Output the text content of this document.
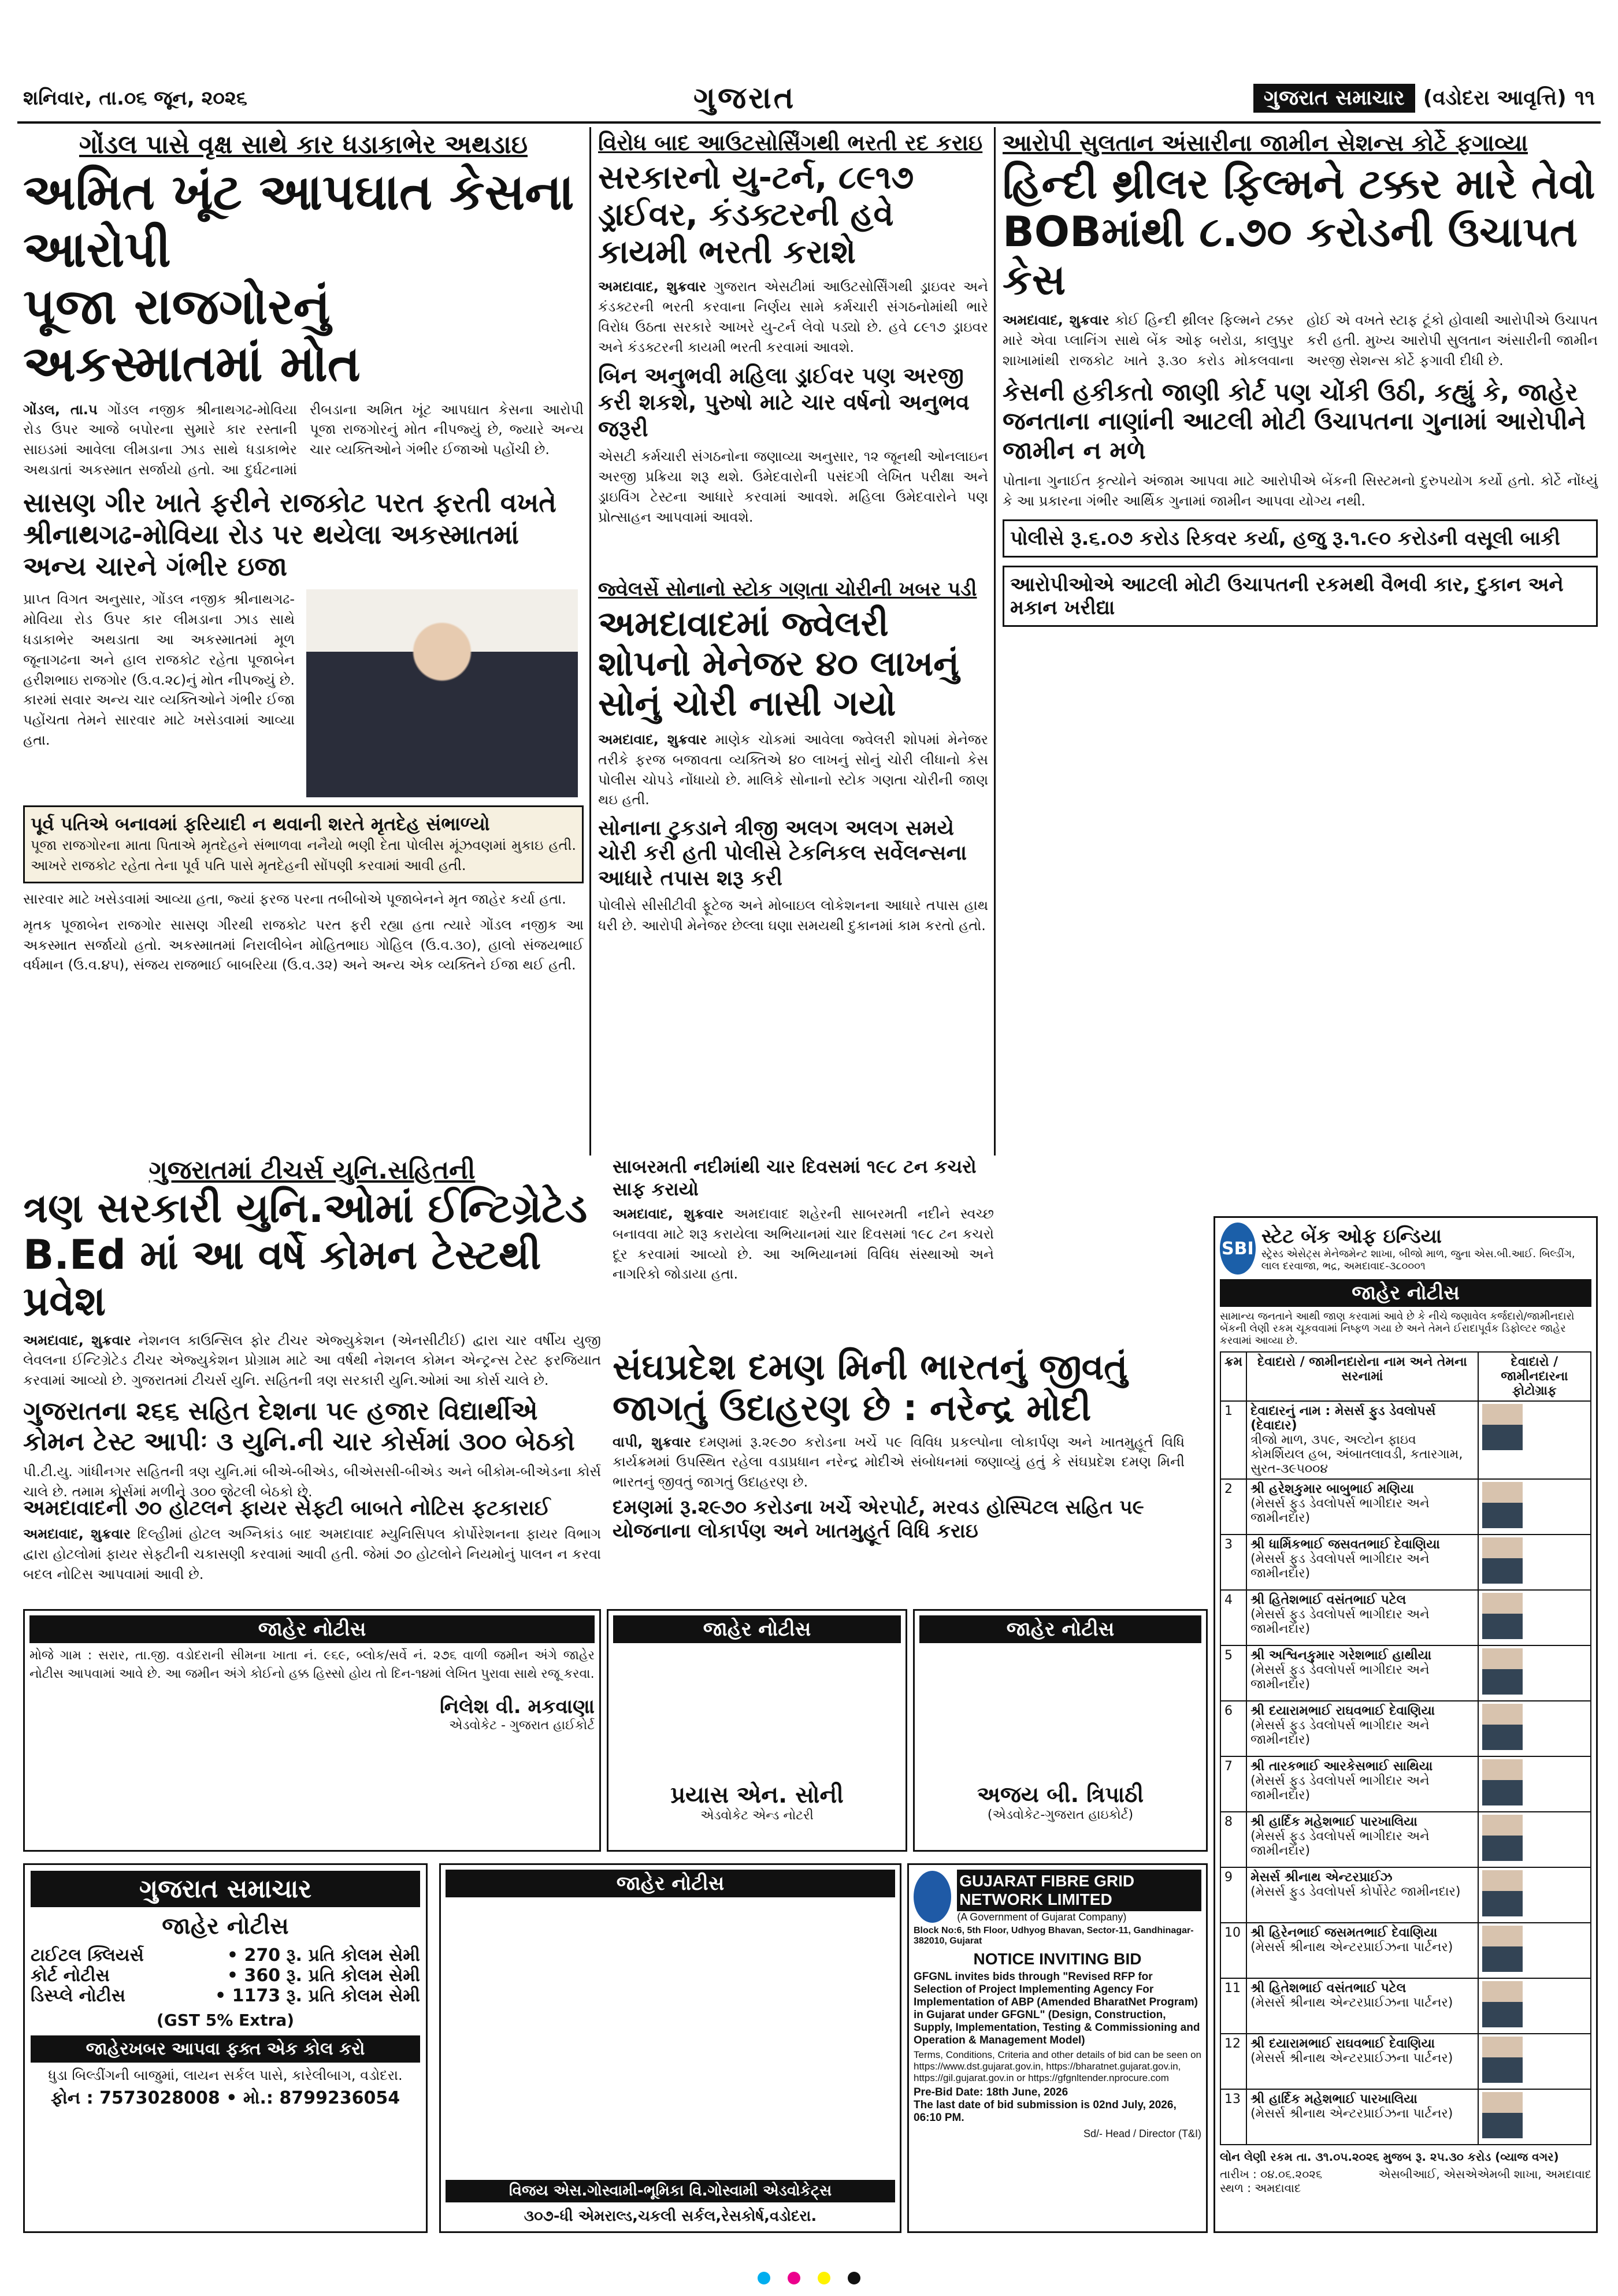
શનિવાર, તા.૦૬ જૂન, ૨૦૨૬	ગુજરાત	ગુજરાત સમાચાર (વડોદરા આવૃત્તિ) ૧૧
ગોંડલ પાસે વૃક્ષ સાથે કાર ધડાકાભેર અથડાઇ
અમિત ખૂંટ આપઘાત કેસના આરોપી
પૂજા રાજગોરનું અકસ્માતમાં મોત
ગોંડલ, તા.૫ ગોંડલ નજીક શ્રીનાથગઢ-મોવિયા રોડ ઉપર આજે બપોરના સુમારે કાર રસ્તાની સાઇડમાં આવેલા લીમડાના ઝાડ સાથે ધડાકાભેર અથડાતાં અકસ્માત સર્જાયો હતો. આ દુર્ઘટનામાં રીબડાના અમિત ખૂંટ આપઘાત કેસના આરોપી પૂજા રાજગોરનું મોત નીપજ્યું છે, જ્યારે અન્ય ચાર વ્યક્તિઓને ગંભીર ઈજાઓ પહોંચી છે.
સાસણ ગીર ખાતે ફરીને રાજકોટ પરત ફરતી વખતે શ્રીનાથગઢ-મોવિયા રોડ પર થયેલા અકસ્માતમાં અન્ય ચારને ગંભીર ઇજા
પ્રાપ્ત વિગત અનુસાર, ગોંડલ નજીક શ્રીનાથગઢ-મોવિયા રોડ ઉપર કાર લીમડાના ઝાડ સાથે ધડાકાભેર અથડાતા આ અકસ્માતમાં મૂળ જૂનાગઢના અને હાલ રાજકોટ રહેતા પૂજાબેન હરીશભાઇ રાજગોર (ઉ.વ.૨૮)નું મોત નીપજ્યું છે. કારમાં સવાર અન્ય ચાર વ્યક્તિઓને ગંભીર ઈજા પહોંચતા તેમને સારવાર માટે ખસેડવામાં આવ્યા હતા.
પૂર્વ પતિએ બનાવમાં ફરિયાદી ન થવાની શરતે મૃતદેહ સંભાળ્યો
પૂજા રાજગોરના માતા પિતાએ મૃતદેહને સંભાળવા નનૈયો ભણી દેતા પોલીસ મૂંઝવણમાં મુકાઇ હતી. આખરે રાજકોટ રહેતા તેના પૂર્વ પતિ પાસે મૃતદેહની સોંપણી કરવામાં આવી હતી.
સારવાર માટે ખસેડવામાં આવ્યા હતા, જ્યાં ફરજ પરના તબીબોએ પૂજાબેનને મૃત જાહેર કર્યા હતા.
મૃતક પૂજાબેન રાજગોર સાસણ ગીરથી રાજકોટ પરત ફરી રહ્યા હતા ત્યારે ગોંડલ નજીક આ અકસ્માત સર્જાયો હતો. અકસ્માતમાં નિરાલીબેન મોહિતભાઇ ગોહિલ (ઉ.વ.૩૦), હાલો સંજયભાઈ વર્ધમાન (ઉ.વ.૪૫), સંજય રાજભાઈ બાબરિયા (ઉ.વ.૩૨) અને અન્ય એક વ્યક્તિને ઈજા થઈ હતી.
વિરોધ બાદ આઉટસોર્સિંગથી ભરતી રદ કરાઇ
સરકારનો યુ-ટર્ન, ૮૯૧૭ ડ્રાઈવર, કંડક્ટરની હવે કાયમી ભરતી કરાશે
અમદાવાદ, શુક્રવાર ગુજરાત એસટીમાં આઉટસોર્સિંગથી ડ્રાઇવર અને કંડક્ટરની ભરતી કરવાના નિર્ણય સામે કર્મચારી સંગઠનોમાંથી ભારે વિરોધ ઉઠતા સરકારે આખરે યુ-ટર્ન લેવો પડ્યો છે. હવે ૮૯૧૭ ડ્રાઇવર અને કંડક્ટરની કાયમી ભરતી કરવામાં આવશે.
બિન અનુભવી મહિલા ડ્રાઈવર પણ અરજી કરી શકશે, પુરુષો માટે ચાર વર્ષનો અનુભવ જરૂરી
એસટી કર્મચારી સંગઠનોના જણાવ્યા અનુસાર, ૧૨ જૂનથી ઓનલાઇન અરજી પ્રક્રિયા શરૂ થશે. ઉમેદવારોની પસંદગી લેખિત પરીક્ષા અને ડ્રાઇવિંગ ટેસ્ટના આધારે કરવામાં આવશે. મહિલા ઉમેદવારોને પણ પ્રોત્સાહન આપવામાં આવશે.
જ્વેલર્સે સોનાનો સ્ટોક ગણતા ચોરીની ખબર પડી
અમદાવાદમાં જ્વેલરી શોપનો મેનેજર ૪૦ લાખનું સોનું ચોરી નાસી ગયો
અમદાવાદ, શુક્રવાર માણેક ચોકમાં આવેલા જ્વેલરી શોપમાં મેનેજર તરીકે ફરજ બજાવતા વ્યક્તિએ ૪૦ લાખનું સોનું ચોરી લીધાનો કેસ પોલીસ ચોપડે નોંધાયો છે. માલિકે સોનાનો સ્ટોક ગણતા ચોરીની જાણ થઇ હતી.
સોનાના ટુકડાને ત્રીજી અલગ અલગ સમયે ચોરી કરી હતી પોલીસે ટેકનિકલ સર્વેલન્સના આધારે તપાસ શરૂ કરી
પોલીસે સીસીટીવી ફૂટેજ અને મોબાઇલ લોકેશનના આધારે તપાસ હાથ ધરી છે. આરોપી મેનેજર છેલ્લા ઘણા સમયથી દુકાનમાં કામ કરતો હતો.
આરોપી સુલતાન અંસારીના જામીન સેશન્સ કોર્ટે ફગાવ્યા
હિન્દી થ્રીલર ફિલ્મને ટક્કર મારે તેવો
BOBમાંથી ૮.૭૦ કરોડની ઉચાપત કેસ
અમદાવાદ, શુક્રવાર કોઈ હિન્દી થ્રીલર ફિલ્મને ટક્કર મારે એવા પ્લાનિંગ સાથે બેંક ઓફ બરોડા, કાલુપુર શાખામાંથી રાજકોટ ખાતે રૂ.૩૦ કરોડ મોકલવાના હોઈ એ વખતે સ્ટાફ ટૂંકો હોવાથી આરોપીએ ઉચાપત કરી હતી. મુખ્ય આરોપી સુલતાન અંસારીની જામીન અરજી સેશન્સ કોર્ટે ફગાવી દીધી છે.
કેસની હકીકતો જાણી કોર્ટ પણ ચોંકી ઉઠી, કહ્યું કે, જાહેર જનતાના નાણાંની આટલી મોટી ઉચાપતના ગુનામાં આરોપીને જામીન ન મળે
પોતાના ગુનાઈત કૃત્યોને અંજામ આપવા માટે આરોપીએ બેંકની સિસ્ટમનો દુરુપયોગ કર્યો હતો. કોર્ટે નોંધ્યું કે આ પ્રકારના ગંભીર આર્થિક ગુનામાં જામીન આપવા યોગ્ય નથી.
પોલીસે રૂ.૬.૦૭ કરોડ રિકવર કર્યા, હજુ રૂ.૧.૯૦ કરોડની વસૂલી બાકી
આરોપીઓએ આટલી મોટી ઉચાપતની રકમથી વૈભવી કાર, દુકાન અને મકાન ખરીદ્યા
ગુજરાતમાં ટીચર્સ યુનિ.સહિતની
ત્રણ સરકારી યુનિ.ઓમાં ઈન્ટિગ્રેટેડ
B.Ed માં આ વર્ષે કોમન ટેસ્ટથી પ્રવેશ
અમદાવાદ, શુક્રવાર નેશનલ કાઉન્સિલ ફોર ટીચર એજ્યુકેશન (એનસીટીઈ) દ્વારા ચાર વર્ષીય યુજી લેવલના ઈન્ટિગ્રેટેડ ટીચર એજ્યુકેશન પ્રોગ્રામ માટે આ વર્ષથી નેશનલ કોમન એન્ટ્રન્સ ટેસ્ટ ફરજિયાત કરવામાં આવ્યો છે. ગુજરાતમાં ટીચર્સ યુનિ. સહિતની ત્રણ સરકારી યુનિ.ઓમાં આ કોર્સ ચાલે છે.
ગુજરાતના ૨૬૬ સહિત દેશના ૫૯ હજાર વિદ્યાર્થીએ કોમન ટેસ્ટ આપીઃ ૩ યુનિ.ની ચાર કોર્સમાં ૩૦૦ બેઠકો
પી.ટી.યુ. ગાંધીનગર સહિતની ત્રણ યુનિ.માં બીએ-બીએડ, બીએસસી-બીએડ અને બીકોમ-બીએડના કોર્સ ચાલે છે. તમામ કોર્સમાં મળીને ૩૦૦ જેટલી બેઠકો છે.
અમદાવાદની ૭૦ હોટલને ફાયર સેફ્ટી બાબતે નોટિસ ફટકારાઈ
અમદાવાદ, શુક્રવાર દિલ્હીમાં હોટલ અગ્નિકાંડ બાદ અમદાવાદ મ્યુનિસિપલ કોર્પોરેશનના ફાયર વિભાગ દ્વારા હોટલોમાં ફાયર સેફ્ટીની ચકાસણી કરવામાં આવી હતી. જેમાં ૭૦ હોટલોને નિયમોનું પાલન ન કરવા બદલ નોટિસ આપવામાં આવી છે.
સાબરમતી નદીમાંથી ચાર દિવસમાં ૧૯૮ ટન કચરો સાફ કરાયો
અમદાવાદ, શુક્રવાર અમદાવાદ શહેરની સાબરમતી નદીને સ્વચ્છ બનાવવા માટે શરૂ કરાયેલા અભિયાનમાં ચાર દિવસમાં ૧૯૮ ટન કચરો દૂર કરવામાં આવ્યો છે. આ અભિયાનમાં વિવિધ સંસ્થાઓ અને નાગરિકો જોડાયા હતા.
સંઘપ્રદેશ દમણ મિની ભારતનું જીવતું
જાગતું ઉદાહરણ છે : નરેન્દ્ર મોદી
વાપી, શુક્રવાર દમણમાં રૂ.૨૯૭૦ કરોડના ખર્ચે ૫૯ વિવિધ પ્રકલ્પોના લોકાર્પણ અને ખાતમુહૂર્ત વિધિ કાર્યક્રમમાં ઉપસ્થિત રહેલા વડાપ્રધાન નરેન્દ્ર મોદીએ સંબોધનમાં જણાવ્યું હતું કે સંઘપ્રદેશ દમણ મિની ભારતનું જીવતું જાગતું ઉદાહરણ છે.
દમણમાં રૂ.૨૯૭૦ કરોડના ખર્ચે એરપોર્ટ, મરવડ હોસ્પિટલ સહિત ૫૯ યોજનાના લોકાર્પણ અને ખાતમુહૂર્ત વિધિ કરાઇ
જાહેર નોટીસ
મોજે ગામ : સરાર, તા.જી. વડોદરાની સીમના ખાતા નં. ૯૬૯, બ્લોક/સર્વે નં. ૨૭૬ વાળી જમીન અંગે જાહેર નોટીસ આપવામાં આવે છે. આ જમીન અંગે કોઈનો હક્ક હિસ્સો હોય તો દિન-૧૪માં લેખિત પુરાવા સાથે રજૂ કરવા.
નિલેશ વી. મકવાણા
એડવોકેટ - ગુજરાત હાઈકોર્ટ
ગુજરાત સમાચાર
જાહેર નોટીસ
ટાઈટલ ક્લિયર્સ	• 270 રૂ. પ્રતિ કોલમ સેમી
કોર્ટ નોટીસ	• 360 રૂ. પ્રતિ કોલમ સેમી
ડિસ્પ્લે નોટીસ	• 1173 રૂ. પ્રતિ કોલમ સેમી
(GST 5% Extra)
જાહેરખબર આપવા ફક્ત એક કોલ કરો
ધુડા બિલ્ડીંગની બાજુમાં, લાયન સર્કલ પાસે, કારેલીબાગ, વડોદરા.
ફોન : 7573028008 • મો.: 8799236054
જાહેર નોટીસ
પ્રયાસ એન. સોની
એડવોકેટ એન્ડ નોટરી
જાહેર નોટીસ
અજય બી. ત્રિપાઠી
(એડવોકેટ-ગુજરાત હાઇકોર્ટ)
જાહેર નોટીસ
વિજય એસ.ગોસ્વામી-ભૂમિકા વિ.ગોસ્વામી એડવોકેટ્સ
૩૦૭-ધી એમરાલ્ડ,ચકલી સર્કલ,રેસકોર્ષ,વડોદરા.
GUJARAT FIBRE GRID NETWORK LIMITED
(A Government of Gujarat Company)
Block No:6, 5th Floor, Udhyog Bhavan, Sector-11, Gandhinagar-382010, Gujarat
NOTICE INVITING BID
GFGNL invites bids through "Revised RFP for Selection of Project Implementing Agency For Implementation of ABP (Amended BharatNet Program) in Gujarat under GFGNL" (Design, Construction, Supply, Implementation, Testing & Commissioning and Operation & Management Model)
Terms, Conditions, Criteria and other details of bid can be seen on https://www.dst.gujarat.gov.in, https://bharatnet.gujarat.gov.in, https://gil.gujarat.gov.in or https://gfgnltender.nprocure.com
Pre-Bid Date: 18th June, 2026
The last date of bid submission is 02nd July, 2026, 06:10 PM.
Sd/- Head / Director (T&I)
SBI
સ્ટેટ બેંક ઓફ ઇન્ડિયા
સ્ટ્રેસ્ડ એસેટ્સ મેનેજમેન્ટ શાખા, બીજો માળ, જુના એસ.બી.આઈ. બિલ્ડીંગ, લાલ દરવાજા, ભદ્ર, અમદાવાદ-૩૮૦૦૦૧
જાહેર નોટીસ
સામાન્ય જનતાને આથી જાણ કરવામાં આવે છે કે નીચે જણાવેલ કર્જદારો/જામીનદારો બેંકની લેણી રકમ ચૂકવવામાં નિષ્ફળ ગયા છે અને તેમને ઈરાદાપૂર્વક ડિફોલ્ટર જાહેર કરવામાં આવ્યા છે.
ક્રમ	દેવાદારો / જામીનદારોના નામ અને તેમના સરનામાં	દેવાદારો / જામીનદારના ફોટોગ્રાફ
1	દેવાદારનું નામ : મેસર્સ ફુડ ડેવલોપર્સ (દેવાદાર)
ત્રીજો માળ, ૩૫૯, અલ્ટોન ફાઇવ કોમર્શિયલ હબ, અંબાતલાવડી, કતારગામ, સુરત-૩૯૫૦૦૪	
2	શ્રી હરેશકુમાર બાબુભાઈ મણિયા
(મેસર્સ ફુડ ડેવલોપર્સ ભાગીદાર અને જામીનદાર)	
3	શ્રી ધાર્મિકભાઈ જસવતભાઈ દેવાણિયા
(મેસર્સ ફુડ ડેવલોપર્સ ભાગીદાર અને જામીનદાર)	
4	શ્રી હિતેશભાઈ વસંતભાઈ પટેલ
(મેસર્સ ફુડ ડેવલોપર્સ ભાગીદાર અને જામીનદાર)	
5	શ્રી અશ્વિનકુમાર ગરેશભાઈ હાથીયા
(મેસર્સ ફુડ ડેવલોપર્સ ભાગીદાર અને જામીનદાર)	
6	શ્રી દયારામભાઈ રાઘવભાઈ દેવાણિયા
(મેસર્સ ફુડ ડેવલોપર્સ ભાગીદાર અને જામીનદાર)	
7	શ્રી તારકભાઈ આરકેસભાઈ સાથિયા
(મેસર્સ ફુડ ડેવલોપર્સ ભાગીદાર અને જામીનદાર)	
8	શ્રી હાર્દિક મહેશભાઈ પારખાલિયા
(મેસર્સ ફુડ ડેવલોપર્સ ભાગીદાર અને જામીનદાર)	
9	મેસર્સ શ્રીનાથ એન્ટરપ્રાઈઝ
(મેસર્સ ફુડ ડેવલોપર્સ કોર્પોરેટ જામીનદાર)	
10	શ્રી હિરેનભાઈ જસમતભાઈ દેવાણિયા
(મેસર્સ શ્રીનાથ એન્ટરપ્રાઈઝના પાર્ટનર)	
11	શ્રી હિતેશભાઈ વસંતભાઈ પટેલ
(મેસર્સ શ્રીનાથ એન્ટરપ્રાઈઝના પાર્ટનર)	
12	શ્રી દયારામભાઈ રાઘવભાઈ દેવાણિયા
(મેસર્સ શ્રીનાથ એન્ટરપ્રાઈઝના પાર્ટનર)	
13	શ્રી હાર્દિક મહેશભાઈ પારખાલિયા
(મેસર્સ શ્રીનાથ એન્ટરપ્રાઈઝના પાર્ટનર)	
લોન લેણી રકમ તા. ૩૧.૦૫.૨૦૨૬ મુજબ રૂ. ૨૫.૩૦ કરોડ (વ્યાજ વગર)
તારીખ : ૦૪.૦૬.૨૦૨૬
સ્થળ : અમદાવાદ
એસબીઆઈ, એસએએમબી શાખા, અમદાવાદ
